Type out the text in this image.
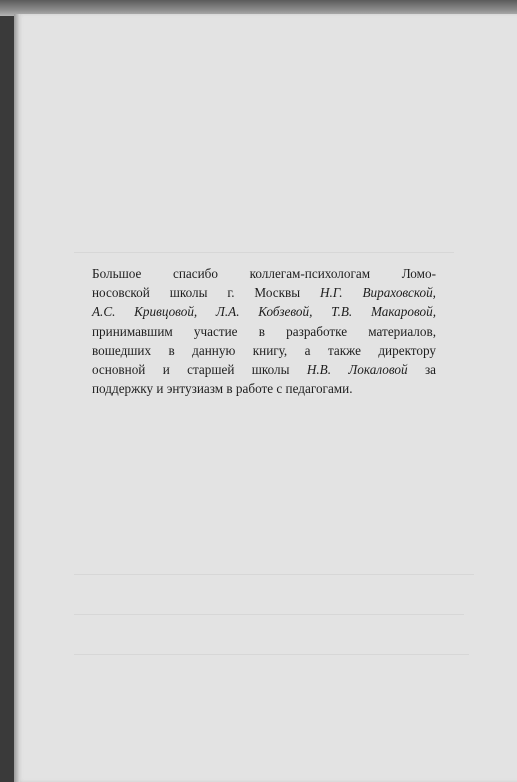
Большое спасибо коллегам-психологам Ломо-
носовской школы г. Москвы Н.Г. Вираховской,
А.С. Кривцовой, Л.А. Кобзевой, Т.В. Макаровой,
принимавшим участие в разработке материалов,
вошедших в данную книгу, а также директору
основной и старшей школы Н.В. Локаловой за
поддержку и энтузиазм в работе с педагогами.
